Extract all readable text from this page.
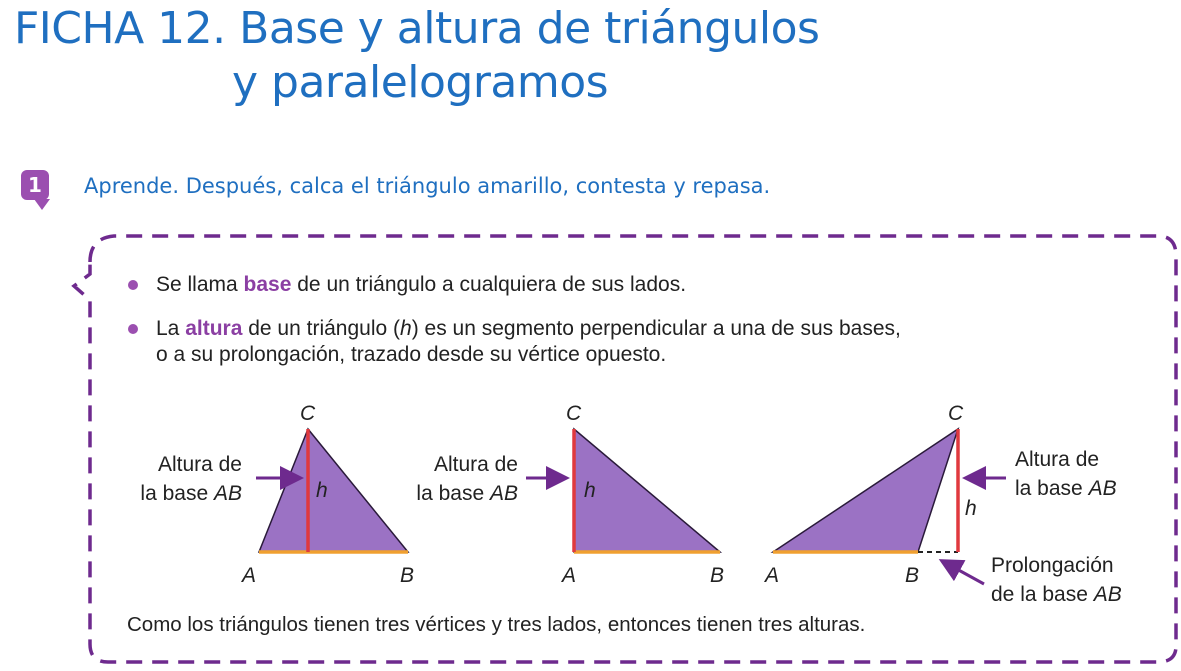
FICHA 12. Base y altura de triángulos
y paralelogramos
1	Aprende. Después, calca el triángulo amarillo, contesta y repasa.
C
A	B
h
Altura de
la base AB
C
A	B
h
Altura de
la base AB
C
A	B
h
Altura de
la base AB
Prolongación
de la base AB
Se llama base de un triángulo a cualquiera de sus lados.
La altura de un triángulo (h) es un segmento perpendicular a una de sus bases,
o a su prolongación, trazado desde su vértice opuesto.
Como los triángulos tienen tres vértices y tres lados, entonces tienen tres alturas.
